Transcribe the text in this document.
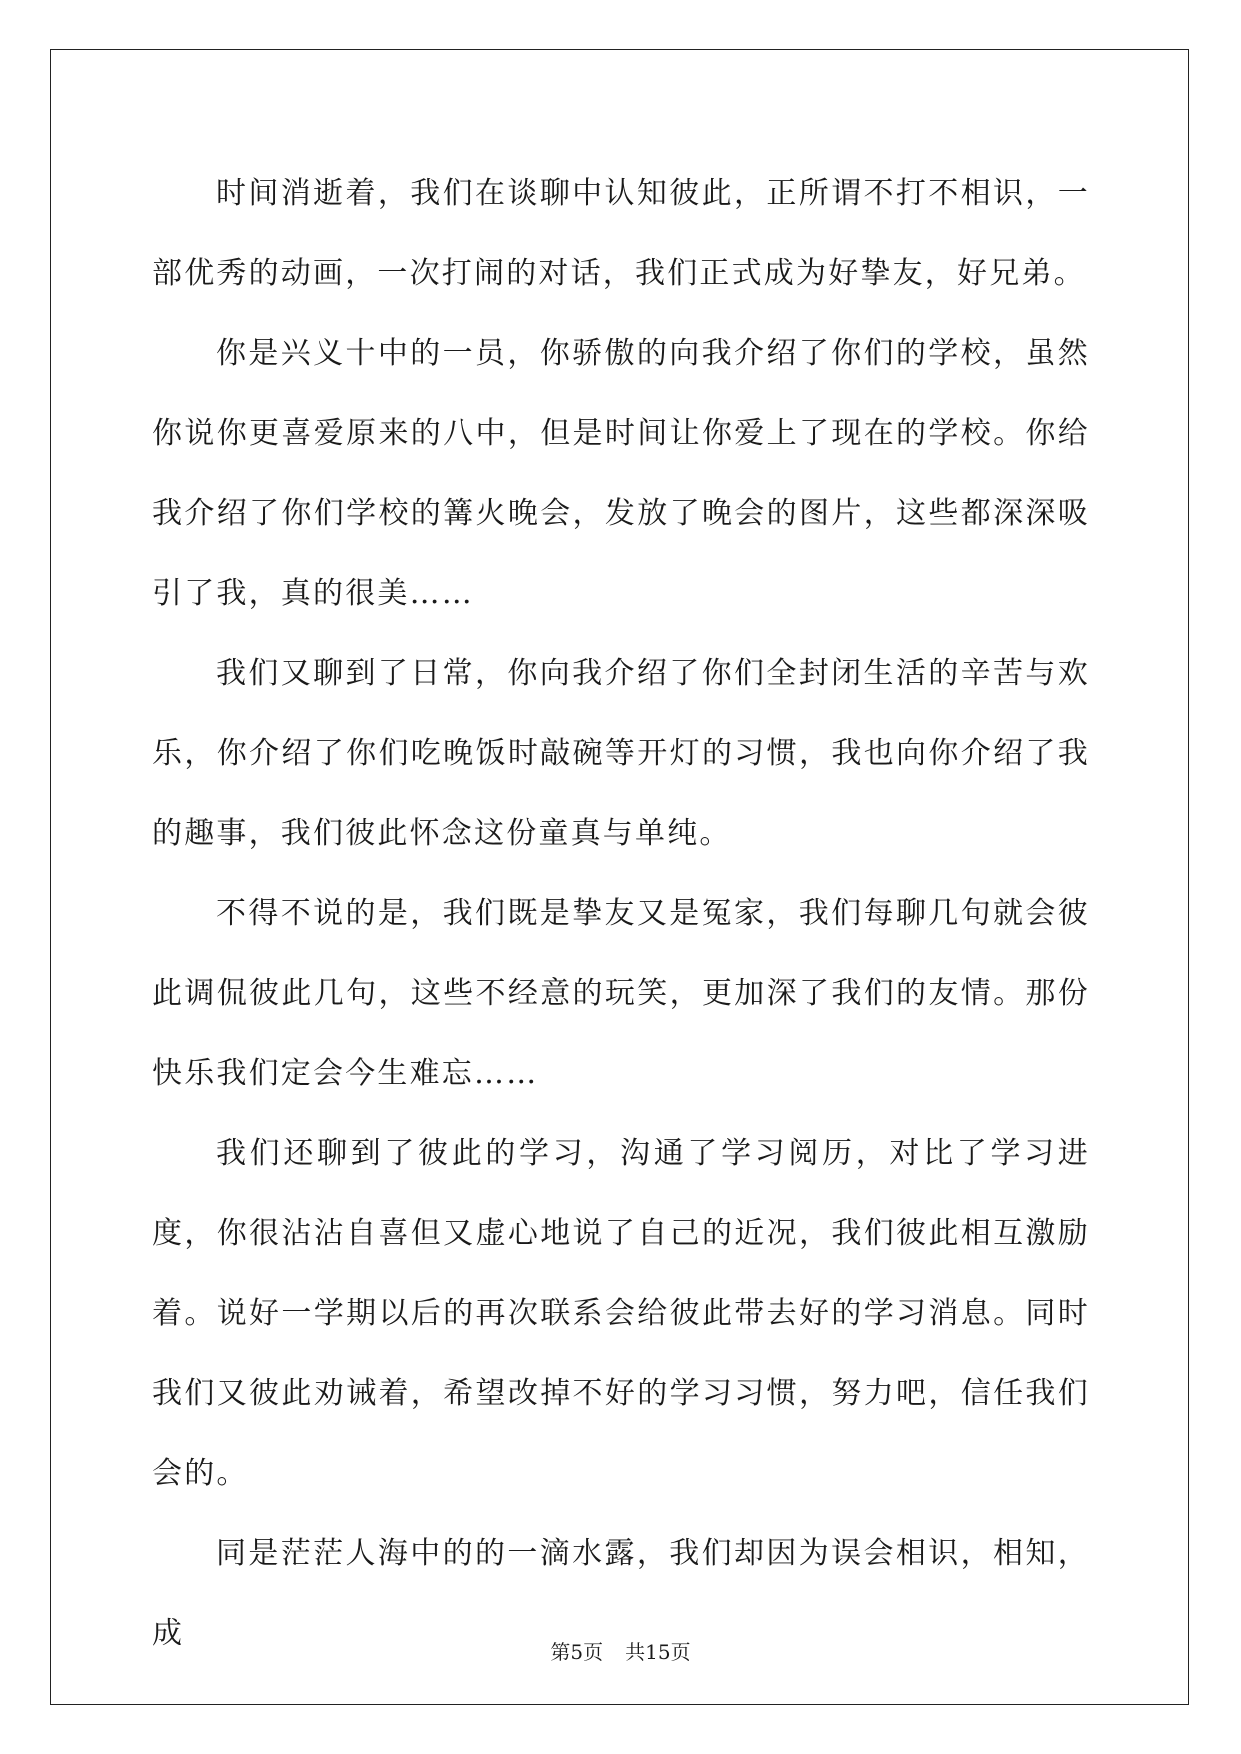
时间消逝着，我们在谈聊中认知彼此，正所谓不打不相识，一部优秀的动画，一次打闹的对话，我们正式成为好挚友，好兄弟。

你是兴义十中的一员，你骄傲的向我介绍了你们的学校，虽然你说你更喜爱原来的八中，但是时间让你爱上了现在的学校。你给我介绍了你们学校的篝火晚会，发放了晚会的图片，这些都深深吸引了我，真的很美……

我们又聊到了日常，你向我介绍了你们全封闭生活的辛苦与欢乐，你介绍了你们吃晚饭时敲碗等开灯的习惯，我也向你介绍了我的趣事，我们彼此怀念这份童真与单纯。

不得不说的是，我们既是挚友又是冤家，我们每聊几句就会彼此调侃彼此几句，这些不经意的玩笑，更加深了我们的友情。那份快乐我们定会今生难忘……

我们还聊到了彼此的学习，沟通了学习阅历，对比了学习进度，你很沾沾自喜但又虚心地说了自己的近况，我们彼此相互激励着。说好一学期以后的再次联系会给彼此带去好的学习消息。同时我们又彼此劝诫着，希望改掉不好的学习习惯，努力吧，信任我们会的。

同是茫茫人海中的的一滴水露，我们却因为误会相识，相知，成

第5页 共15页
